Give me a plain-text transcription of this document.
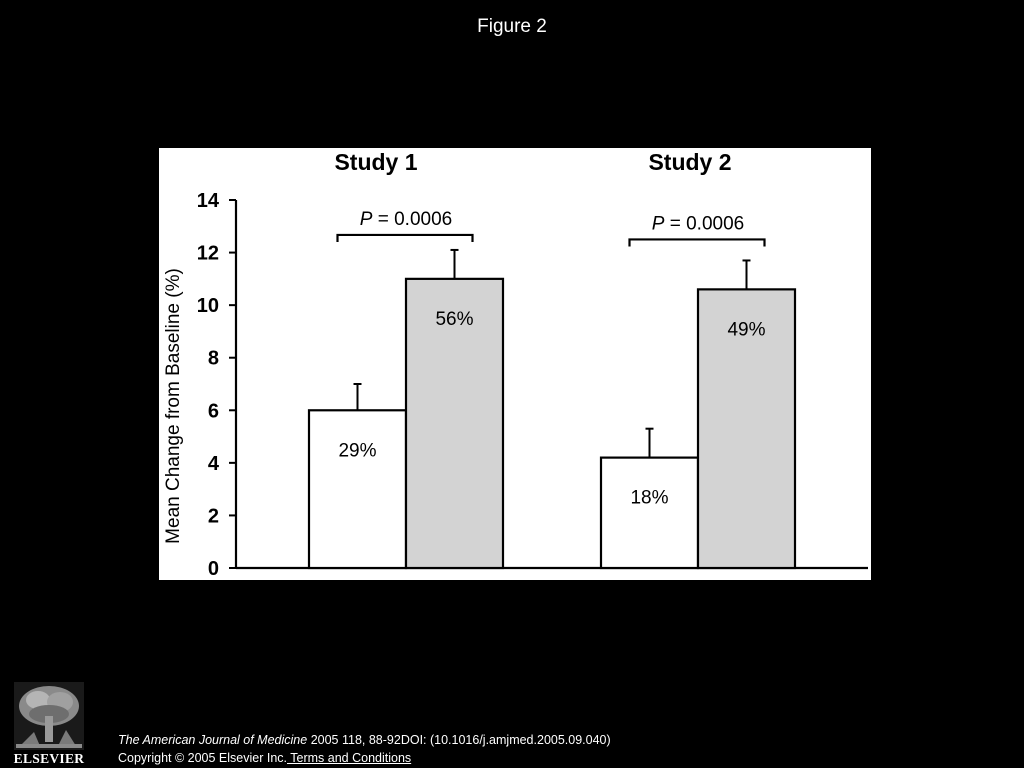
Figure 2
0
2
4
6
8
10
12
14
Mean Change from Baseline (%)
Study 1
29%
56%
P = 0.0006
Study 2
18%
49%
P = 0.0006
ELSEVIER
The American Journal of Medicine 2005 118, 88-92DOI: (10.1016/j.amjmed.2005.09.040)
Copyright © 2005 Elsevier Inc. Terms and Conditions
